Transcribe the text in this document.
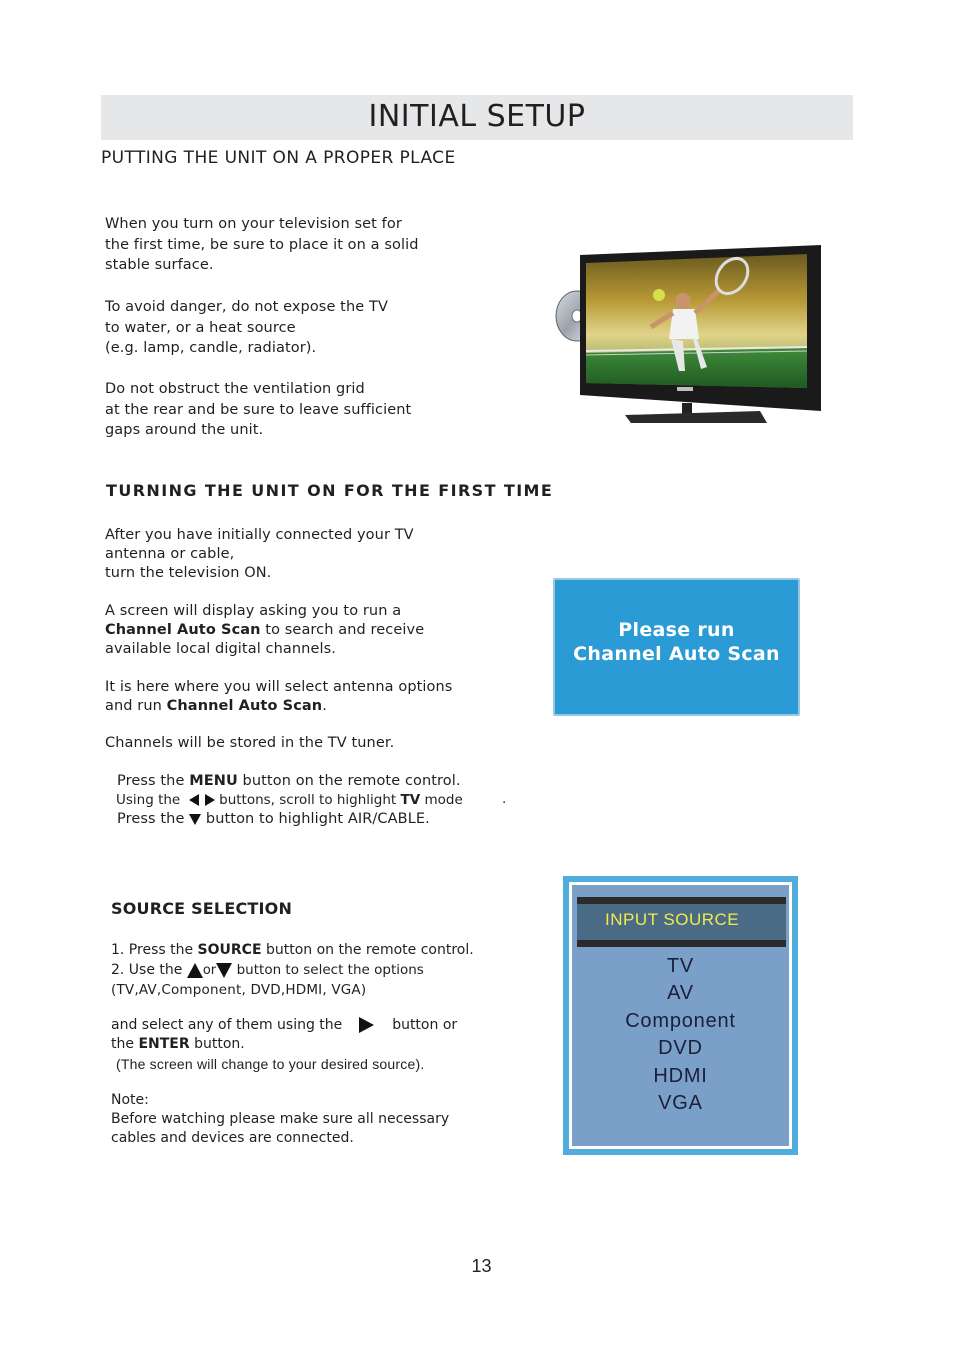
INITIAL SETUP
PUTTING THE UNIT ON A PROPER PLACE
When you turn on your television set for
the first time, be sure to place it on a solid
stable surface.
To avoid danger, do not expose the TV
to water, or a heat source
(e.g. lamp, candle, radiator).
Do not obstruct the ventilation grid
at the rear and be sure to leave sufficient
gaps around the unit.
TURNING THE UNIT ON FOR THE FIRST TIME
After you have initially connected your TV
antenna or cable,
turn the television ON.
A screen will display asking you to run a
Channel Auto Scan to search and receive
available local digital channels.
It is here where you will select antenna options
and run Channel Auto Scan.
Channels will be stored in the TV tuner.
Press the MENU button on the remote control.
Using the	buttons, scroll to highlight TV mode	.
Press the  button to highlight AIR/CABLE.
Please run
Channel Auto Scan
SOURCE SELECTION
1. Press the SOURCE button on the remote control.
2. Use the or button to select the options
(TV,AV,Component, DVD,HDMI, VGA)
and select any of them using the	button or
the ENTER button.
(The screen will change to your desired source).
Note:
Before watching please make sure all necessary
cables and devices are connected.
INPUT SOURCE
TV
AV
Component
DVD
HDMI
VGA
13
